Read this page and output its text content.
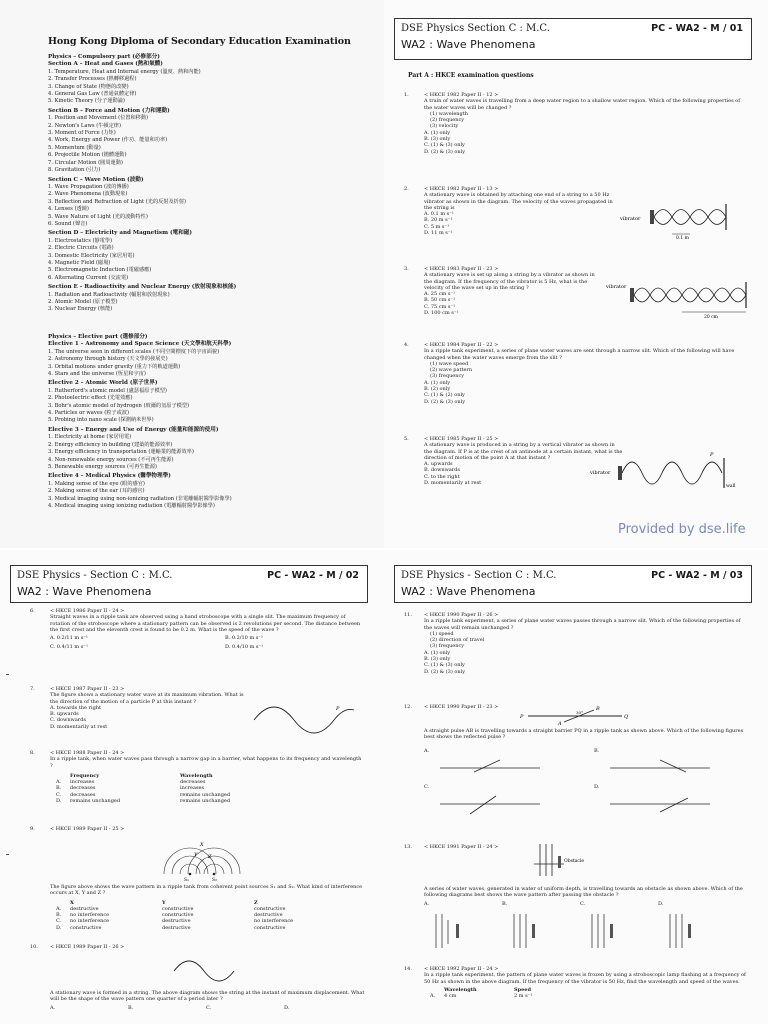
Hong Kong Diploma of Secondary Education Examination
Physics – Compulsory part (必修部分)
Section A – Heat and Gases (熱和氣體)
1. Temperature, Heat and Internal energy (溫度、熱和內能)
2. Transfer Processes (熱轉移過程)
3. Change of State (物態的改變)
4. General Gas Law (普通氣體定律)
5. Kinetic Theory (分子運動論)
Section B – Force and Motion (力和運動)
1. Position and Movement (位置和移動)
2. Newton's Laws (牛頓定律)
3. Moment of Force (力矩)
4. Work, Energy and Power (作功、能量和功率)
5. Momentum (動量)
6. Projectile Motion (拋體運動)
7. Circular Motion (圓周運動)
8. Gravitation (引力)
Section C – Wave Motion (波動)
1. Wave Propagation (波的傳播)
2. Wave Phenomena (波動現象)
3. Reflection and Refraction of Light (光的反射及折射)
4. Lenses (透鏡)
5. Wave Nature of Light (光的波動特性)
6. Sound (聲音)
Section D – Electricity and Magnetism (電和磁)
1. Electrostatics (靜電學)
2. Electric Circuits (電路)
3. Domestic Electricity (家居用電)
4. Magnetic Field (磁場)
5. Electromagnetic Induction (電磁感應)
6. Alternating Current (交流電)
Section E – Radioactivity and Nuclear Energy (放射現象和核能)
1. Radiation and Radioactivity (輻射和放射現象)
2. Atomic Model (原子模型)
3. Nuclear Energy (核能)
Physics – Elective part (選修部分)
Elective 1 – Astronomy and Space Science (天文學和航天科學)
1. The universe seen in different scales (不同空間標度下的宇宙面貌)
2. Astronomy through history (天文學的發展史)
3. Orbital motions under gravity (重力下的軌道運動)
4. Stars and the universe (恆星和宇宙)
Elective 2 – Atomic World (原子世界)
1. Rutherford's atomic model (盧瑟福原子模型)
2. Photoelectric effect (光電效應)
3. Bohr's atomic model of hydrogen (玻爾的氫原子模型)
4. Particles or waves (粒子或波)
5. Probing into nano scale (探測納米世界)
Elective 3 – Energy and Use of Energy (能量和能源的使用)
1. Electricity at home (家居用電)
2. Energy efficiency in building (建築的能源效率)
3. Energy efficiency in transportation (運輸業的能源效率)
4. Non-renewable energy sources (不可再生能源)
5. Renewable energy sources (可再生能源)
Elective 4 – Medical Physics (醫學物理學)
1. Making sense of the eye (眼的感官)
2. Making sense of the ear (耳的感官)
3. Medical imaging using non-ionizing radiation (非電離輻射醫學影像學)
4. Medical imaging using ionizing radiation (電離輻射醫學影像學)
DSE Physics Section C : M.C.
WA2 : Wave Phenomena
PC - WA2 - M / 01
Part A : HKCE examination questions
1.	< HKCE 1982 Paper II - 12 >
A train of water waves is travelling from a deep water region to a shallow water region. Which of the following properties of the water waves will be changed ?
(1) wavelength
(2) frequency
(3) velocity
A. (1) only
B. (3) only
C. (1) & (3) only
D. (2) & (3) only
2.	< HKCE 1982 Paper II - 13 >
A stationary wave is obtained by attaching one end of a string to a 50 Hz vibrator as shown in the diagram. The velocity of the waves propagated in the string is
A. 0.1 m s⁻¹
B. 20 m s⁻¹
C. 5 m s⁻¹
D. 11 m s⁻¹
vibrator
0.1 m
3.	< HKCE 1983 Paper II - 23 >
A stationary wave is set up along a string by a vibrator as shown in the diagram. If the frequency of the vibrator is 5 Hz, what is the velocity of the wave set up in the string ?
A. 25 cm s⁻¹
B. 50 cm s⁻¹
C. 75 cm s⁻¹
D. 100 cm s⁻¹
vibrator
20 cm
4.	< HKCE 1984 Paper II - 22 >
In a ripple tank experiment, a series of plane water waves are sent through a narrow slit. Which of the following will have changed when the water waves emerge from the slit ?
(1) wave speed
(2) wave pattern
(3) frequency
A. (1) only
B. (2) only
C. (1) & (2) only
D. (2) & (3) only
5.	< HKCE 1985 Paper II - 25 >
A stationary wave is produced in a string by a vertical vibrator as shown in the diagram. If P is at the crest of an antinode at a certain instant, what is the direction of motion of the point A at that instant ?
A. upwards
B. downwards
C. to the right
D. momentarily at rest
vibrator
wall
P
Provided by dse.life
DSE Physics - Section C : M.C.
WA2 : Wave Phenomena
PC - WA2 - M / 02
6.	< HKCE 1986 Paper II - 24 >
Straight waves in a ripple tank are observed using a hand stroboscope with a single slit. The maximum frequency of rotation of the stroboscope where a stationary pattern can be observed is 2 revolutions per second. The distance between the first crest and the eleventh crest is found to be 0.2 m. What is the speed of the wave ?
A. 0.2/11 m s⁻¹	B. 0.2/10 m s⁻¹
C. 0.4/11 m s⁻¹	D. 0.4/10 m s⁻¹
7.	< HKCE 1987 Paper II - 23 >
The figure shows a stationary water wave at its maximum vibration. What is the direction of the motion of a particle P at this instant ?
A. towards the right
B. upwards
C. downwards
D. momentarily at rest
P
8.	< HKCE 1988 Paper II - 24 >
In a ripple tank, when water waves pass through a narrow gap in a barrier, what happens to its frequency and wavelength ?
Frequency	Wavelength
A.	increases	decreases
B.	decreases	increases
C.	decreases	remains unchanged
D.	remains unchanged	remains unchanged
9.	< HKCE 1989 Paper II - 25 >
X
Y Z
S₁	S₂
The figure above shows the wave pattern in a ripple tank from coherent point sources S₁ and S₂. What kind of interference occurs at X, Y and Z ?
X	Y	Z
A.	destructive	constructive	constructive
B.	no interference	constructive	destructive
C.	no interference	destructive	no interference
D.	constructive	destructive	constructive
10. < HKCE 1989 Paper II - 26 >
A stationary wave is formed in a string. The above diagram shows the string at the instant of maximum displacement. What will be the shape of the wave pattern one quarter of a period later ?
A.	B.	C.	D.
DSE Physics - Section C : M.C.
WA2 : Wave Phenomena
PC - WA2 - M / 03
11. < HKCE 1990 Paper II - 26 >
In a ripple tank experiment, a series of plane water waves passes through a narrow slit. Which of the following properties of the waves will remain unchanged ?
(1) speed
(2) direction of travel
(3) frequency
A. (1) only
B. (3) only
C. (1) & (3) only
D. (2) & (3) only
12. < HKCE 1990 Paper II - 23 >
P	Q
A
B
30°
A straight pulse AB is travelling towards a straight barrier PQ in a ripple tank as shown above. Which of the following figures best shows the reflected pulse ?
A.	B.
C.	D.
13. < HKCE 1991 Paper II - 24 >
Obstacle
A series of water waves, generated in water of uniform depth, is travelling towards an obstacle as shown above. Which of the following diagrams best shows the wave pattern after passing the obstacle ?
A.	B.	C.	D.
14. < HKCE 1992 Paper II - 24 >
In a ripple tank experiment, the pattern of plane water waves is frozen by using a stroboscopic lamp flashing at a frequency of 50 Hz as shown in the above diagram. If the frequency of the vibrator is 50 Hz, find the wavelength and speed of the waves.
Wavelength	Speed
A.	4 cm	2 m s⁻¹
